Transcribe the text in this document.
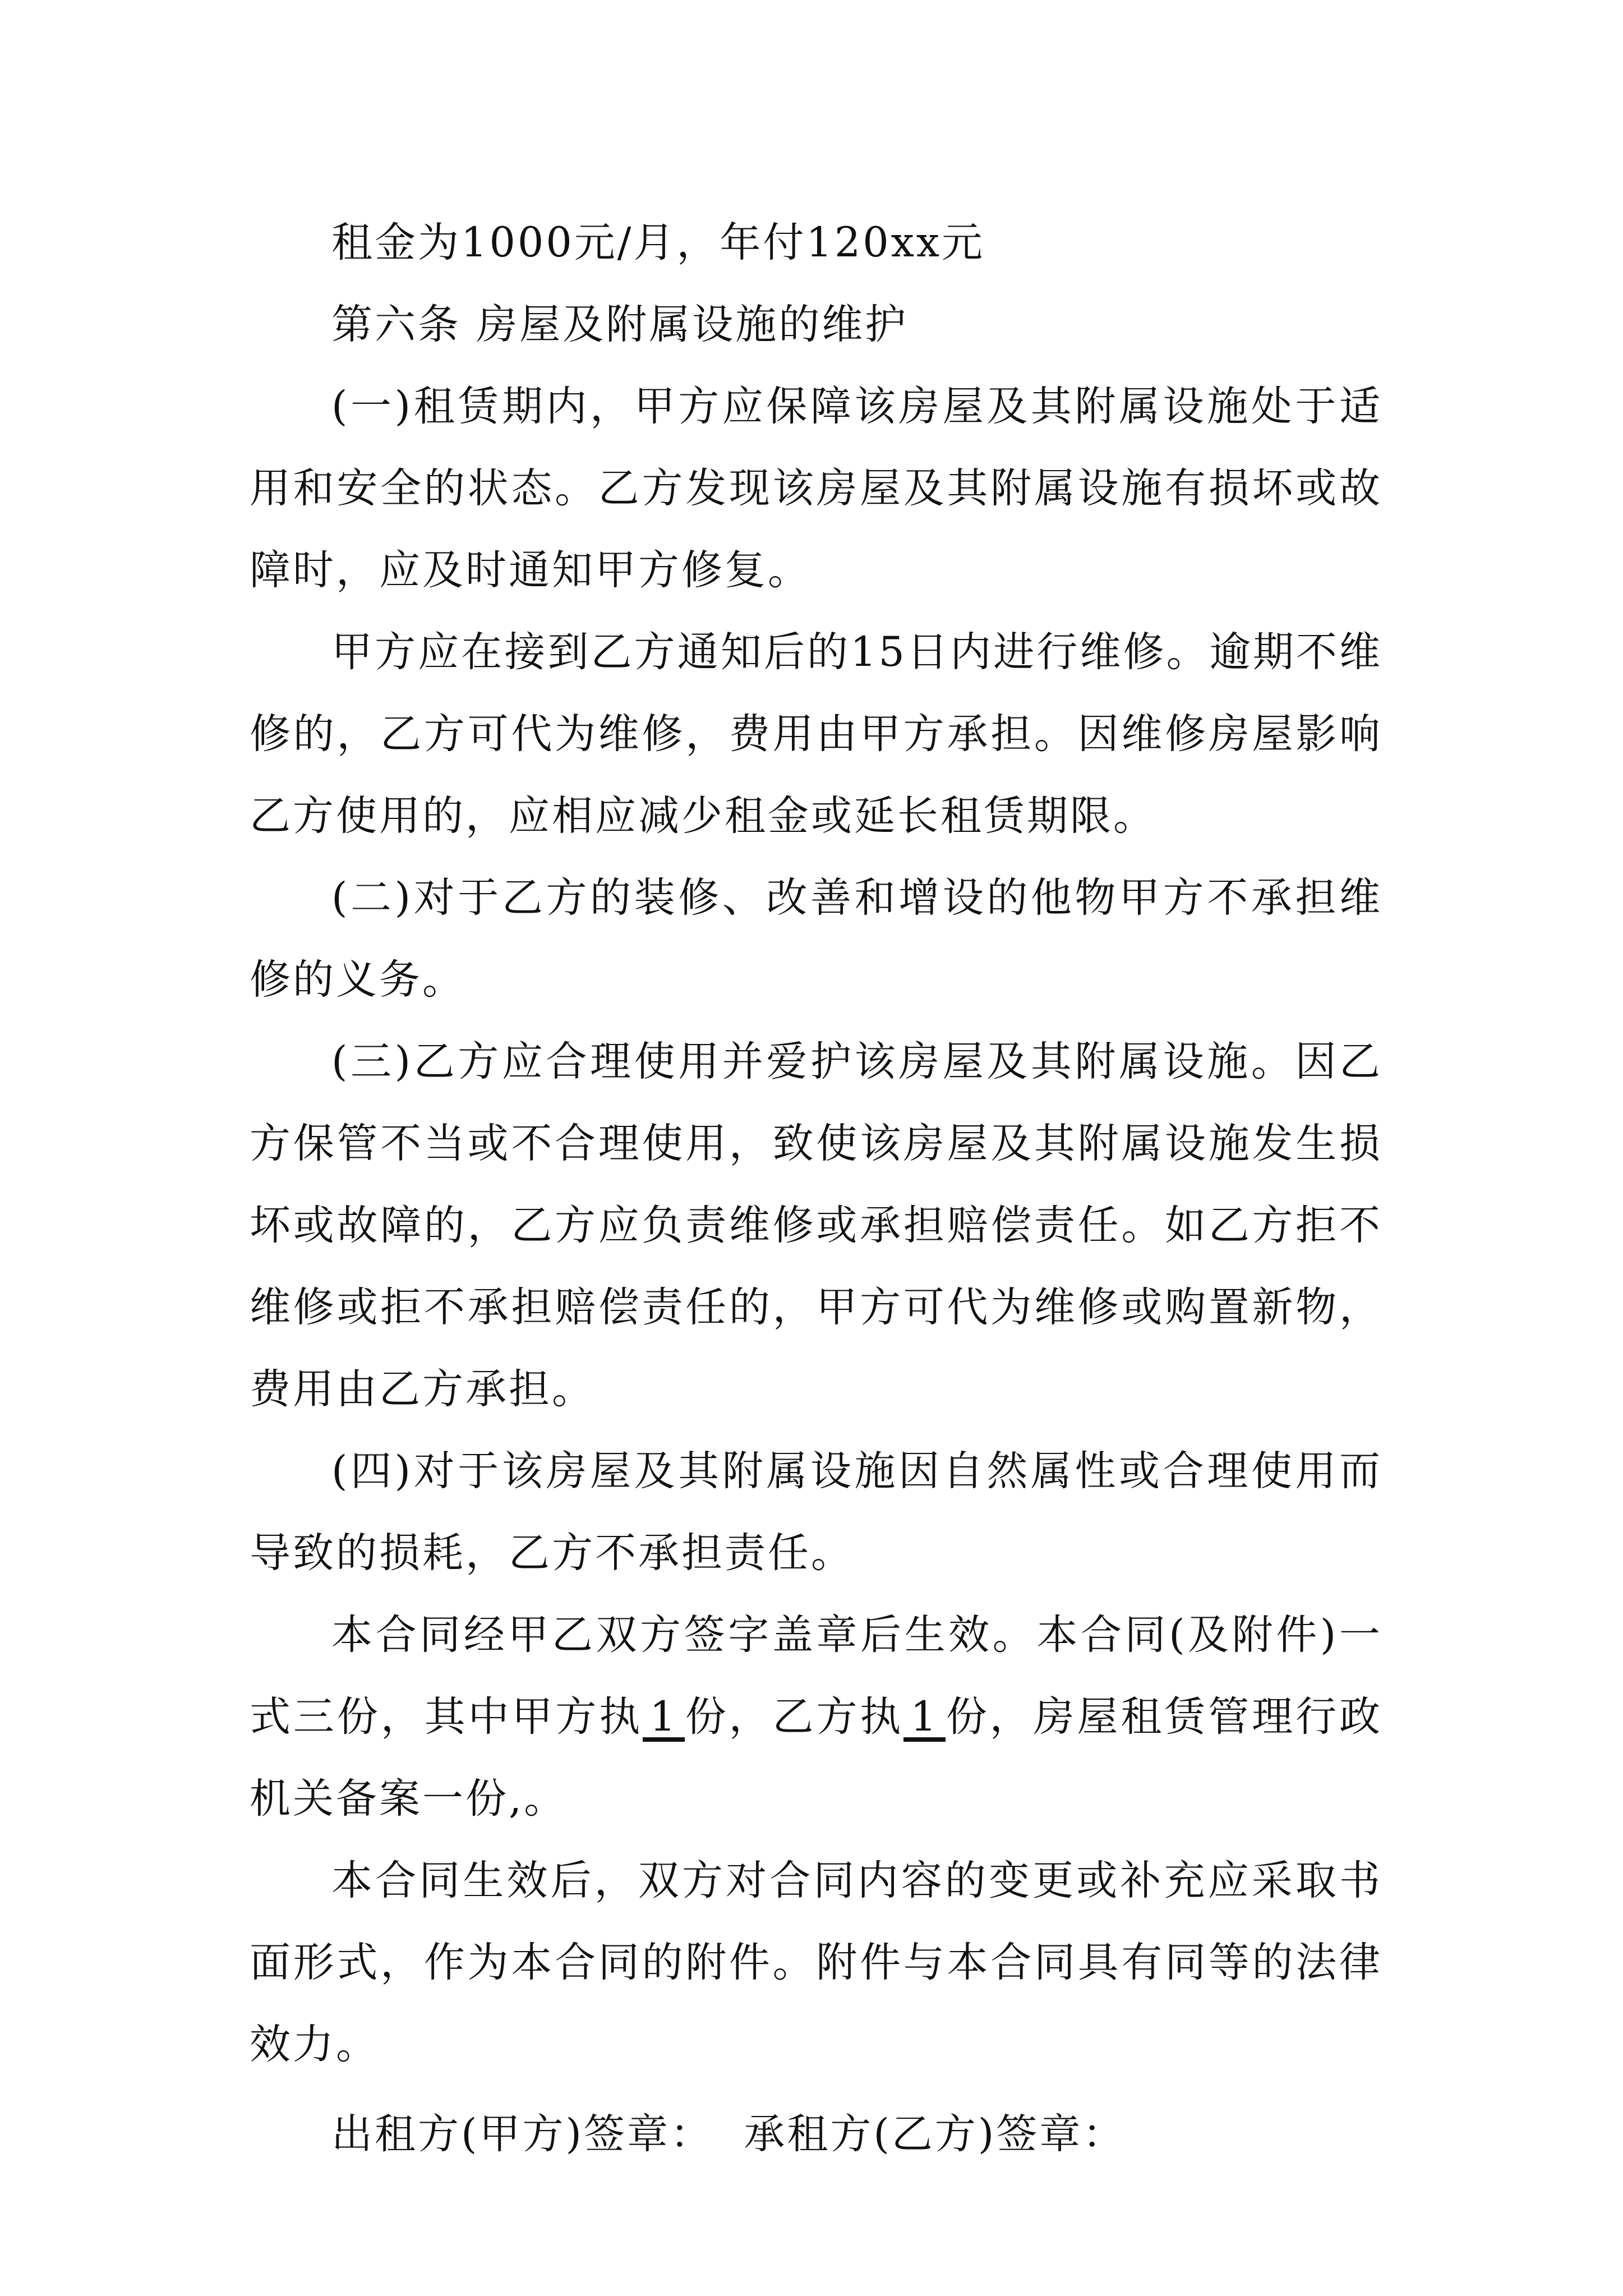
租金为1000元/月，年付120xx元

第六条 房屋及附属设施的维护

(一)租赁期内，甲方应保障该房屋及其附属设施处于适用和安全的状态。乙方发现该房屋及其附属设施有损坏或故障时，应及时通知甲方修复。

甲方应在接到乙方通知后的15日内进行维修。逾期不维修的，乙方可代为维修，费用由甲方承担。因维修房屋影响乙方使用的，应相应减少租金或延长租赁期限。

(二)对于乙方的装修、改善和增设的他物甲方不承担维修的义务。

(三)乙方应合理使用并爱护该房屋及其附属设施。因乙方保管不当或不合理使用，致使该房屋及其附属设施发生损坏或故障的，乙方应负责维修或承担赔偿责任。如乙方拒不维修或拒不承担赔偿责任的，甲方可代为维修或购置新物，费用由乙方承担。

(四)对于该房屋及其附属设施因自然属性或合理使用而导致的损耗，乙方不承担责任。

本合同经甲乙双方签字盖章后生效。本合同(及附件)一式三份，其中甲方执 1 份，乙方执 1 份，房屋租赁管理行政机关备案一份,。

本合同生效后，双方对合同内容的变更或补充应采取书面形式，作为本合同的附件。附件与本合同具有同等的法律效力。

出租方(甲方)签章：  承租方(乙方)签章：
